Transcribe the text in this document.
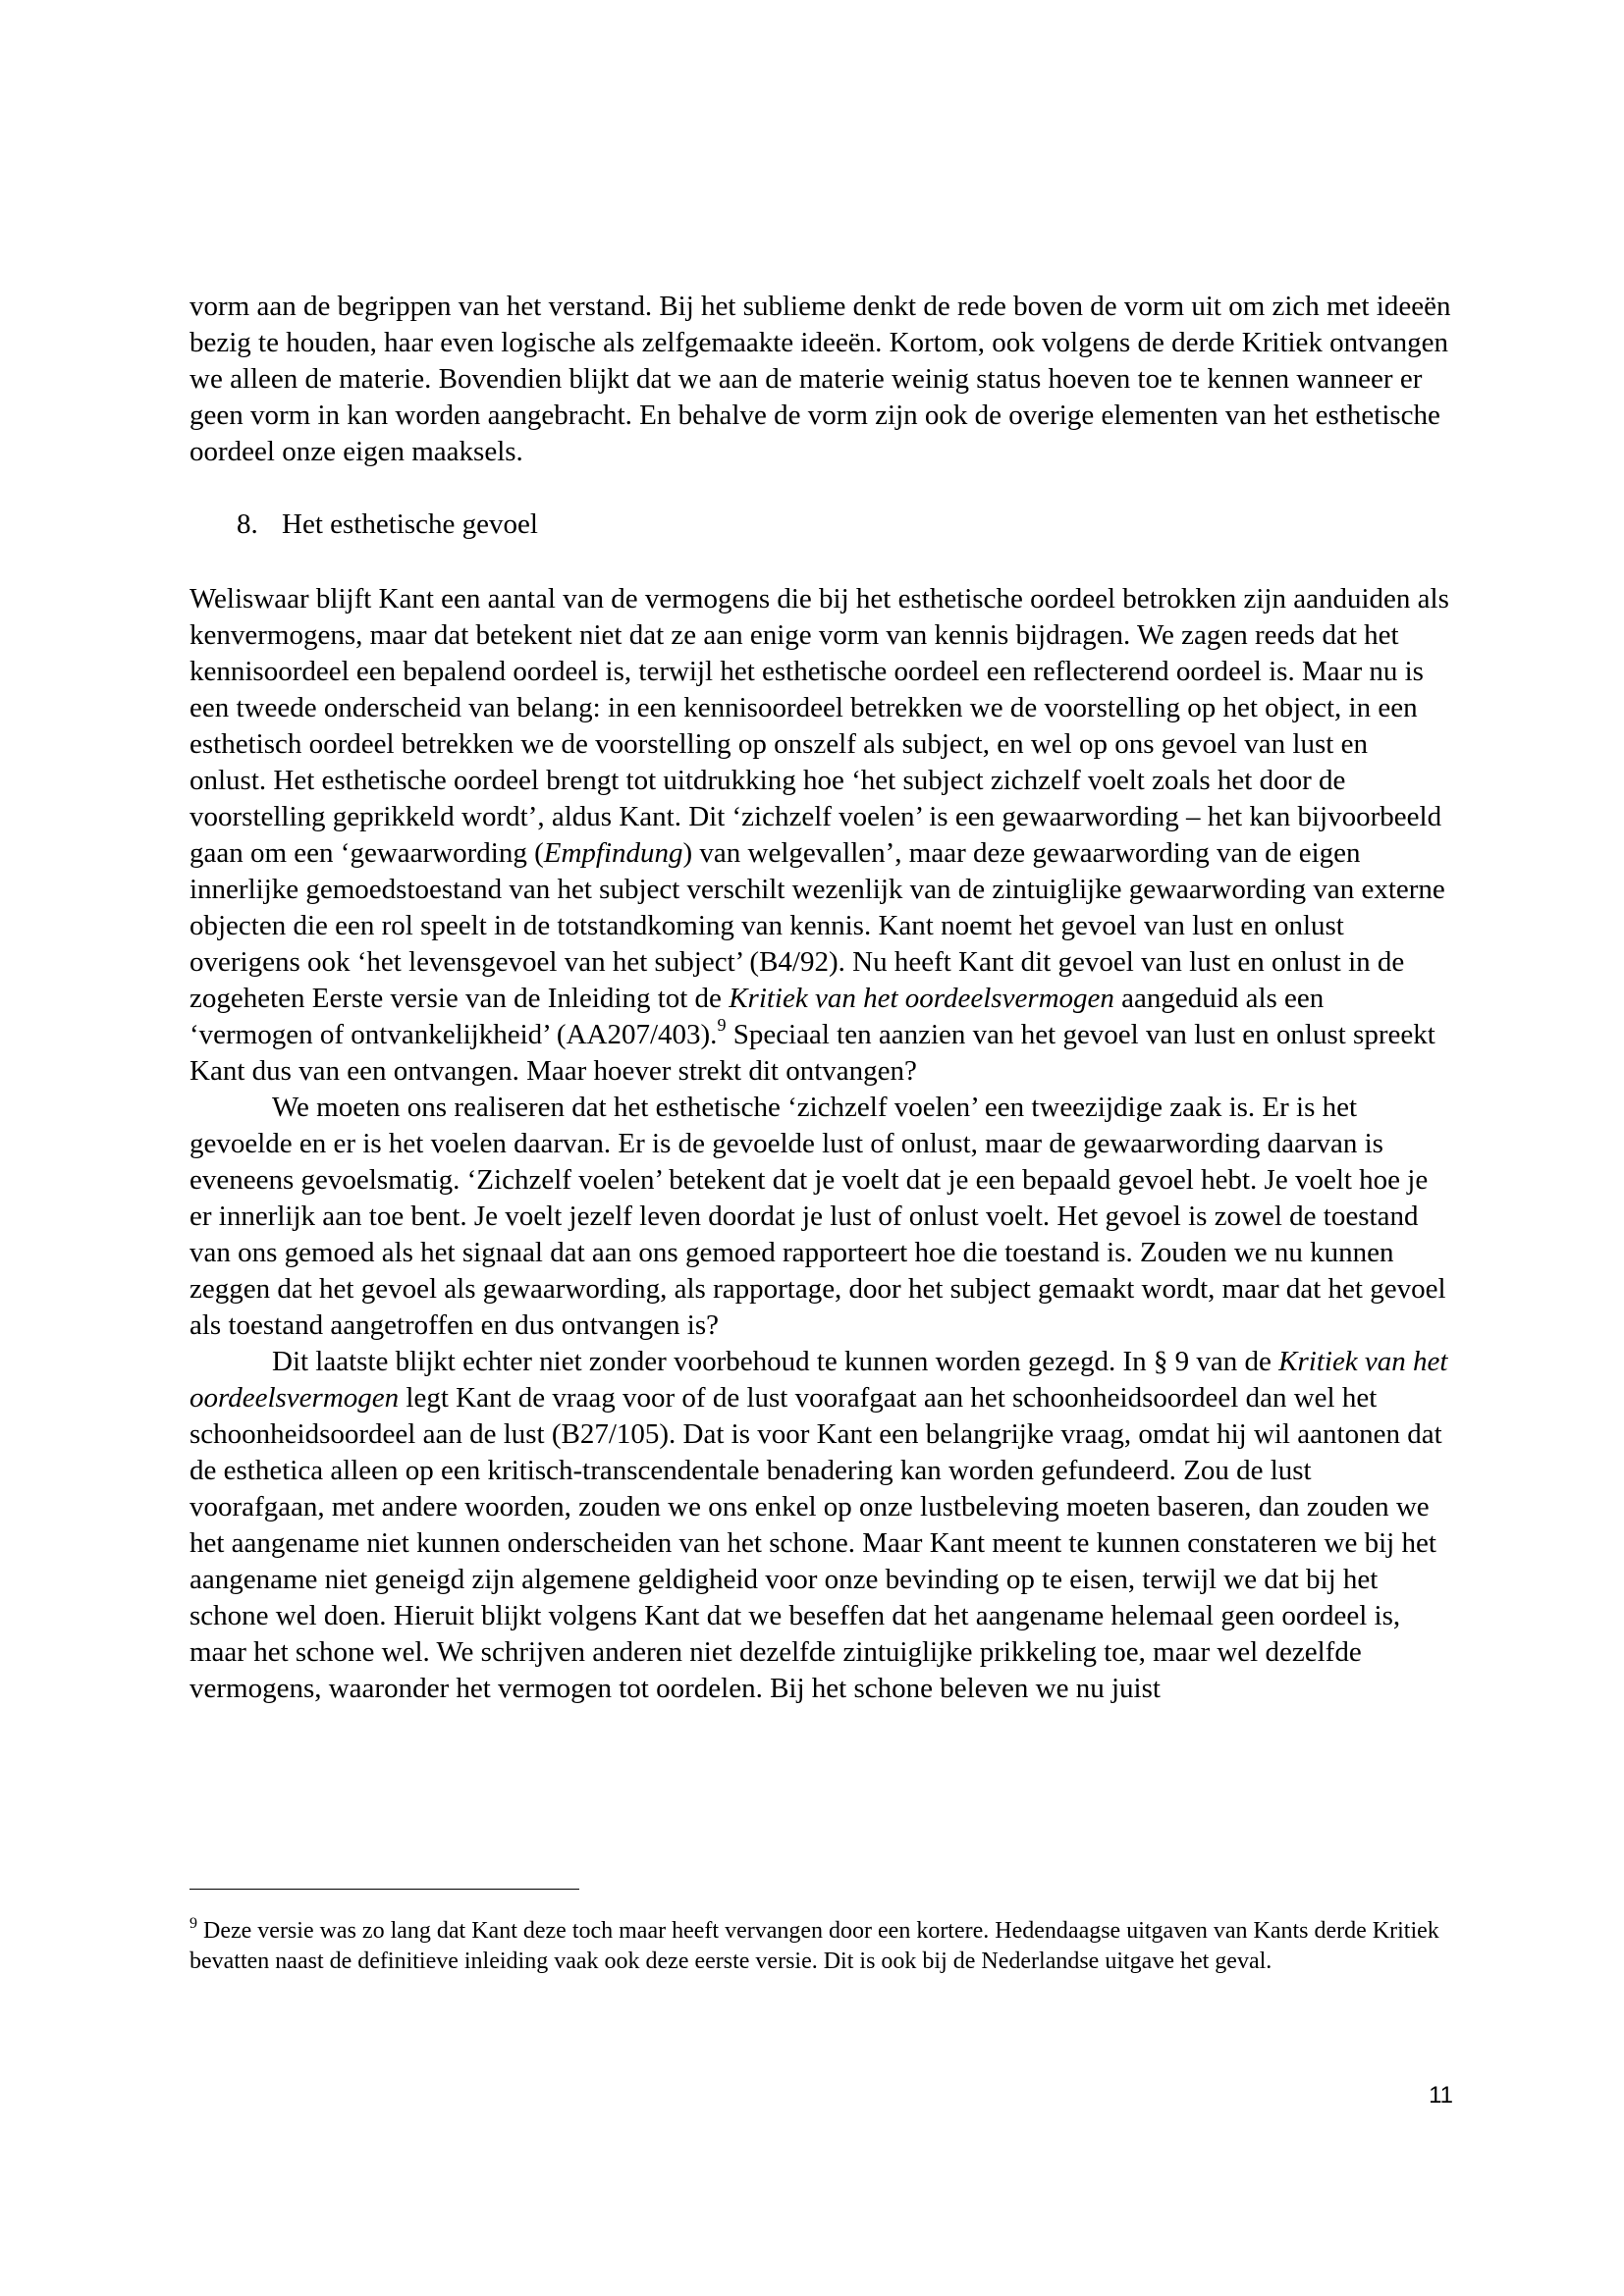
vorm aan de begrippen van het verstand. Bij het sublieme denkt de rede boven de vorm uit om zich met ideeën bezig te houden, haar even logische als zelfgemaakte ideeën. Kortom, ook volgens de derde Kritiek ontvangen we alleen de materie. Bovendien blijkt dat we aan de materie weinig status hoeven toe te kennen wanneer er geen vorm in kan worden aangebracht. En behalve de vorm zijn ook de overige elementen van het esthetische oordeel onze eigen maaksels.

8. Het esthetische gevoel

Weliswaar blijft Kant een aantal van de vermogens die bij het esthetische oordeel betrokken zijn aanduiden als kenvermogens, maar dat betekent niet dat ze aan enige vorm van kennis bijdragen. We zagen reeds dat het kennisoordeel een bepalend oordeel is, terwijl het esthetische oordeel een reflecterend oordeel is. Maar nu is een tweede onderscheid van belang: in een kennisoordeel betrekken we de voorstelling op het object, in een esthetisch oordeel betrekken we de voorstelling op onszelf als subject, en wel op ons gevoel van lust en onlust. Het esthetische oordeel brengt tot uitdrukking hoe ‘het subject zichzelf voelt zoals het door de voorstelling geprikkeld wordt’, aldus Kant. Dit ‘zichzelf voelen’ is een gewaarwording – het kan bijvoorbeeld gaan om een ‘gewaarwording (Empfindung) van welgevallen’, maar deze gewaarwording van de eigen innerlijke gemoedstoestand van het subject verschilt wezenlijk van de zintuiglijke gewaarwording van externe objecten die een rol speelt in de totstandkoming van kennis. Kant noemt het gevoel van lust en onlust overigens ook ‘het levensgevoel van het subject’ (B4/92). Nu heeft Kant dit gevoel van lust en onlust in de zogeheten Eerste versie van de Inleiding tot de Kritiek van het oordeelsvermogen aangeduid als een ‘vermogen of ontvankelijkheid’ (AA207/403).$^9$ Speciaal ten aanzien van het gevoel van lust en onlust spreekt Kant dus van een ontvangen. Maar hoever strekt dit ontvangen?

We moeten ons realiseren dat het esthetische ‘zichzelf voelen’ een tweezijdige zaak is. Er is het gevoelde en er is het voelen daarvan. Er is de gevoelde lust of onlust, maar de gewaarwording daarvan is eveneens gevoelsmatig. ‘Zichzelf voelen’ betekent dat je voelt dat je een bepaald gevoel hebt. Je voelt hoe je er innerlijk aan toe bent. Je voelt jezelf leven doordat je lust of onlust voelt. Het gevoel is zowel de toestand van ons gemoed als het signaal dat aan ons gemoed rapporteert hoe die toestand is. Zouden we nu kunnen zeggen dat het gevoel als gewaarwording, als rapportage, door het subject gemaakt wordt, maar dat het gevoel als toestand aangetroffen en dus ontvangen is?

Dit laatste blijkt echter niet zonder voorbehoud te kunnen worden gezegd. In § 9 van de Kritiek van het oordeelsvermogen legt Kant de vraag voor of de lust voorafgaat aan het schoonheidsoordeel dan wel het schoonheidsoordeel aan de lust (B27/105). Dat is voor Kant een belangrijke vraag, omdat hij wil aantonen dat de esthetica alleen op een kritisch-transcendentale benadering kan worden gefundeerd. Zou de lust voorafgaan, met andere woorden, zouden we ons enkel op onze lustbeleving moeten baseren, dan zouden we het aangename niet kunnen onderscheiden van het schone. Maar Kant meent te kunnen constateren we bij het aangename niet geneigd zijn algemene geldigheid voor onze bevinding op te eisen, terwijl we dat bij het schone wel doen. Hieruit blijkt volgens Kant dat we beseffen dat het aangename helemaal geen oordeel is, maar het schone wel. We schrijven anderen niet dezelfde zintuiglijke prikkeling toe, maar wel dezelfde vermogens, waaronder het vermogen tot oordelen. Bij het schone beleven we nu juist

$^9$ Deze versie was zo lang dat Kant deze toch maar heeft vervangen door een kortere. Hedendaagse uitgaven van Kants derde Kritiek bevatten naast de definitieve inleiding vaak ook deze eerste versie. Dit is ook bij de Nederlandse uitgave het geval.
11
